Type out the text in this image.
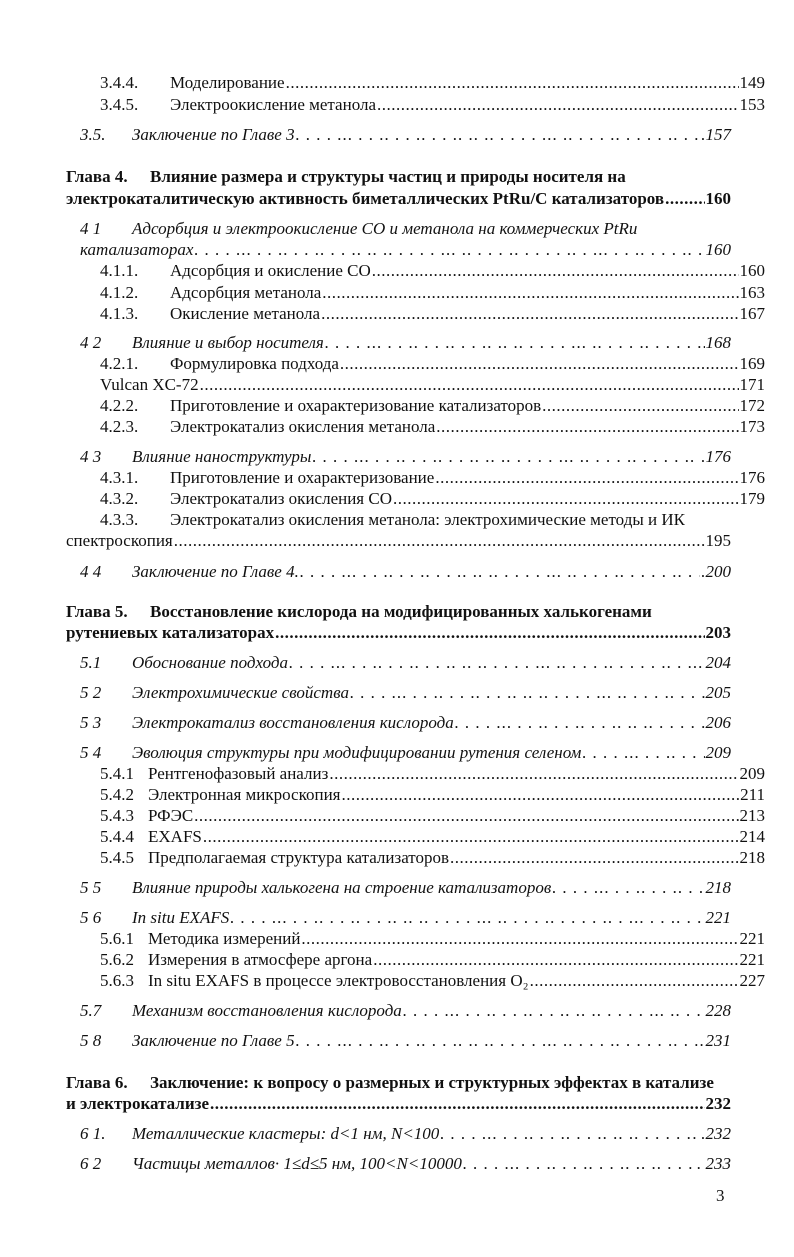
3.4.4.	Моделирование .....	149
3.4.5.	Электроокисление метанола .....	153
3.5.	Заключение по Главе 3 . .	.157
Глава 4.	Влияние размера и структуры частиц и природы носителя на
электрокаталитическую активность биметаллических PtRu/C катализаторов ..... 160
4 1	Адсорбция и электроокисление СО и метанола на коммерческих PtRu
катализаторах . .	160
4.1.1.	Адсорбция и окисление СО .....	160
4.1.2.	Адсорбция метанола .....	163
4.1.3.	Окисление метанола .....	167
4 2	Влияние и выбор носителя . .	168
4.2.1.	Формулировка подхода .....	169
Vulcan XC-72 .....	171
4.2.2.	Приготовление и охарактеризование катализаторов .....	172
4.2.3.	Электрокатализ окисления метанола .....	173
4 3	Влияние наноструктуры . .	.176
4.3.1.	Приготовление и охарактеризование .....	176
4.3.2.	Электрокатализ окисления СО .....	179
4.3.3.	Электрокатализ окисления метанола: электрохимические методы и ИК
спектроскопия .....	195
4 4	Заключение по Главе 4. . .	.200
Глава 5.	Восстановление кислорода на модифицированных халькогенами
рутениевых катализаторах .....	203
5.1	Обоснование подхода . .	204
5 2	Электрохимические свойства . .	205
5 3	Электрокатализ восстановления кислорода . .	206
5 4	Эволюция структуры при модифицировании рутения селеном . .	209
5.4.1 Рентгенофазовый анализ .....	209
5.4.2 Электронная микроскопия .....	211
5.4.3 РФЭС .....	213
5.4.4 EXAFS .....	214
5.4.5 Предполагаемая структура катализаторов .....	218
5 5	Влияние природы халькогена на строение катализаторов . .	218
5 6	In situ EXAFS . .	221
5.6.1 Методика измерений .....	221
5.6.2 Измерения в атмосфере аргона .....	221
5.6.3 In situ EXAFS в процессе электровосстановления O₂ .....	227
5.7	Механизм восстановления кислорода . .	228
5 8	Заключение по Главе 5 . .	231
Глава 6.	Заключение: к вопросу о размерных и структурных эффектах в катализе
и электрокатализе .....	232
6 1.	Металлические кластеры: d<1 нм, N<100 . .	. .232
6 2	Частицы металлов· 1≤d≤5 нм, 100<N<10000 . .	. 233
3
